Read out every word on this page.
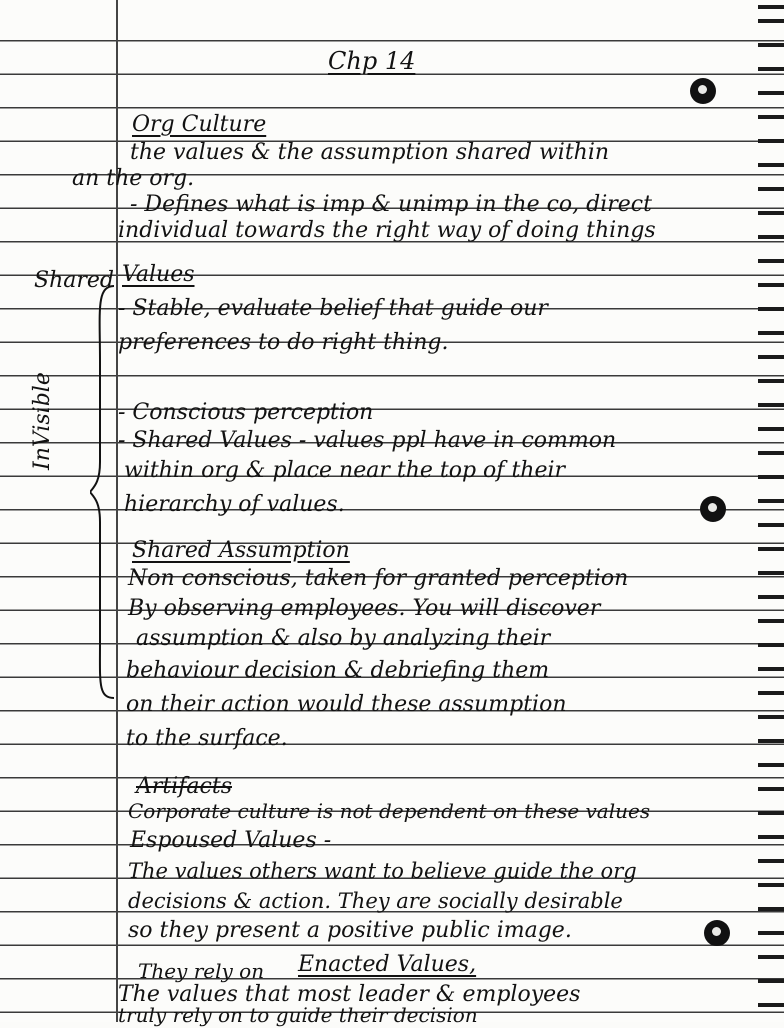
Chp 14
Org Culture
the values & the assumption shared within
an the org.
- Defines what is imp & unimp in the co, direct
individual towards the right way of doing things
Shared Values
- Stable, evaluate belief that guide our
preferences to do right thing.
- Conscious perception
- Shared Values - values ppl have in common
within org & place near the top of their
hierarchy of values.
InVisible
Shared Assumption
Non conscious, taken for granted perception
By observing employees. You will discover
assumption & also by analyzing their
behaviour decision & debriefing them
on their action would these assumption
to the surface.
Artifacts
Corporate culture is not dependent on these values
Espoused Values -
The values others want to believe guide the org
decisions & action. They are socially desirable
so they present a positive public image.
They rely on Enacted Values,
The values that most leader & employees
truly rely on to guide their decision
